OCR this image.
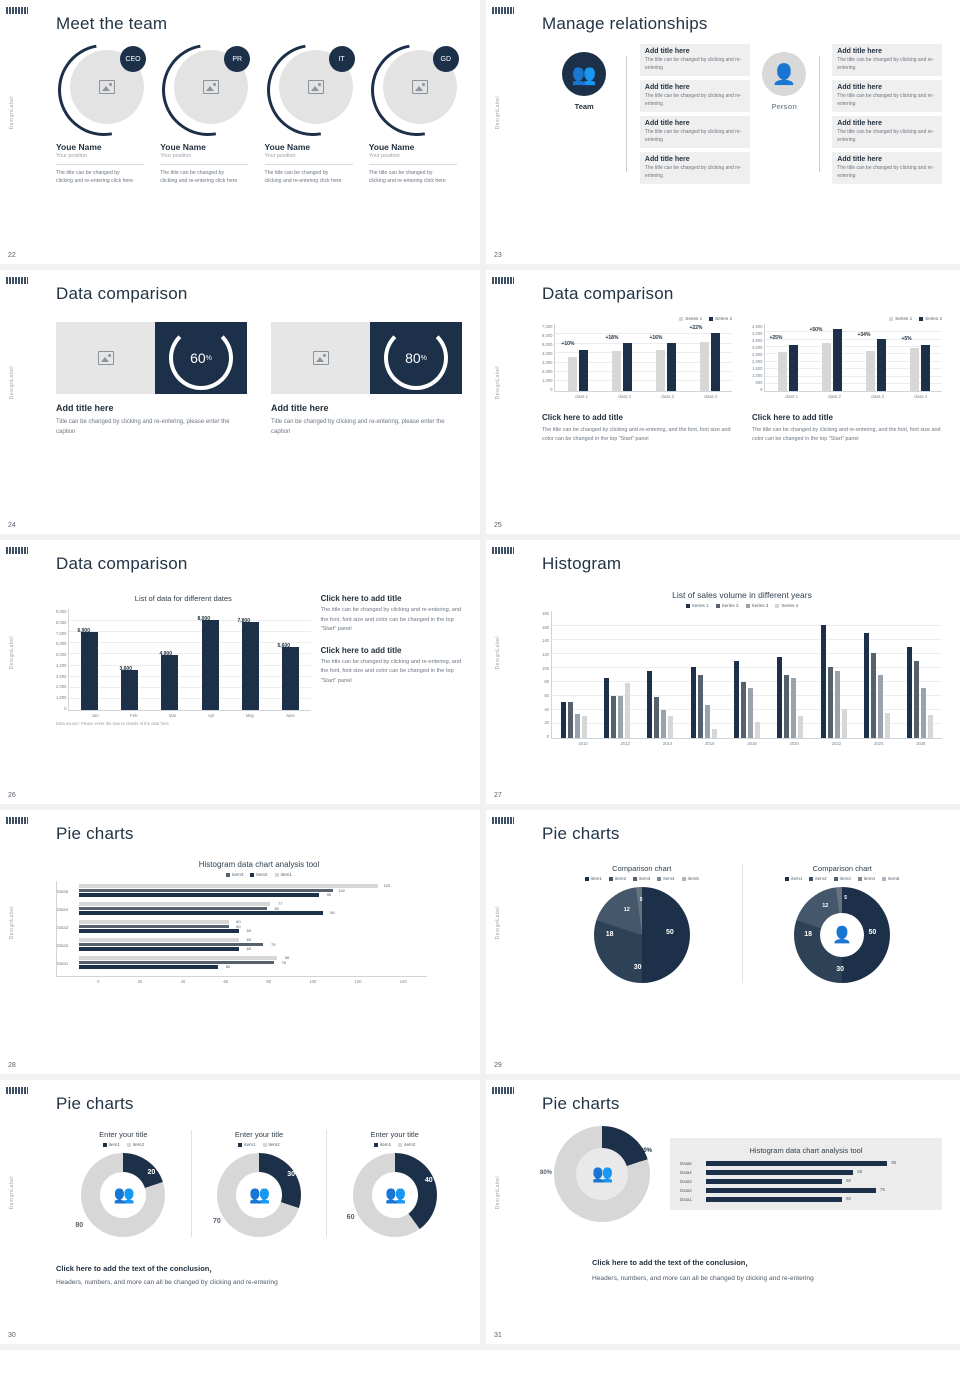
DesignLabel
Meet the team
CEO
Youe Name
Your position
The title can be changed by clicking and re-entering click here
PR
Youe Name
Your position
The title can be changed by clicking and re-entering click here
IT
Youe Name
Your position
The title can be changed by clicking and re-entering click here
GD
Youe Name
Your position
The title can be changed by clicking and re-entering click here
22
DesignLabel
Manage relationships
👥
Team
Add title here

The title can be changed by clicking and re-entering

Add title here

The title can be changed by clicking and re-entering

Add title here

The title can be changed by clicking and re-entering

Add title here

The title can be changed by clicking and re-entering

👤
Person
Add title here

The title can be changed by clicking and re-entering

Add title here

The title can be changed by clicking and re-entering

Add title here

The title can be changed by clicking and re-entering

Add title here

The title can be changed by clicking and re-entering

23
DesignLabel
Data comparison
60 %
Add title here
Title can be changed by clicking and re-entering, please enter the caption
80 %
Add title here
Title can be changed by clicking and re-entering, please enter the caption
24
DesignLabel
Data comparison
Series 1	Series 2
7,000
6,000
5,000
4,000
3,000
2,000
1,000
0
+10%
+18%	+16%
+22%
class 1	class 2	class 3	class 4
Click here to add title
The title can be changed by clicking and re-entering, and the font, font size and color can be changed in the top "Start" panel
Series 1	Series 2
4,500
4,000
3,500
3,000
2,500
2,000
1,500
1,000
500
0
+25%
+50%
+34%
+5%
class 1	class 2	class 3	class 4
Click here to add title
The title can be changed by clicking and re-entering, and the font, font size and color can be changed in the top "Start" panel
25
DesignLabel
Data comparison
List of data for different dates
9,000
8,000
7,000
6,000
5,000
4,000
3,000
2,000
1,000
0
6,900
3,600
4,900
8,000	7,800
5,600
Jan	Feb	Mar	Apr	May	June
Data source: Please enter the source details of the data here
Click here to add title

The title can be changed by clicking and re-entering, and the font, font size and color can be changed in the top "Start" panel

Click here to add title

The title can be changed by clicking and re-entering, and the font, font size and color can be changed in the top "Start" panel

26
DesignLabel
Histogram
List of sales volume in different years
Series 1	Series 2	Series 3	Series 4
180
160
140
120
100
80
60
40
20
0
2010	2012	2014	2016	2018	2020	2022	2024	2026
27
DesignLabel
Pie charts
Histogram data chart analysis tool
item3	item2	item1
Data5
120
102
96
Data4
77
65
98
Data3
60
60
65
Data2
65
75
65
Data1
56
78
80
0	20	40	60	80	100	120	140
28
DesignLabel
Pie charts
Comparison chart
item1	item2	item3	item4	item5
50
30
18
12
5
Comparison chart
item1	item2	item3	item4	item5
50
30
18
12
5
👤
29
DesignLabel
Pie charts
Enter your title
item1	item2
20
80
👥
Enter your title
item1	item2
30
70
👥
Enter your title
item1	item2
40
60
👥
Click here to add the text of the conclusion，
Headers, numbers, and more can all be changed by clicking and re-entering
30
DesignLabel
Pie charts
20%
80% 👥
Histogram data chart analysis tool
Data5	80
Data4	65
Data3	60
Data2	75
Data1	60
Click here to add the text of the conclusion，
Headers, numbers, and more can all be changed by clicking and re-entering
31
